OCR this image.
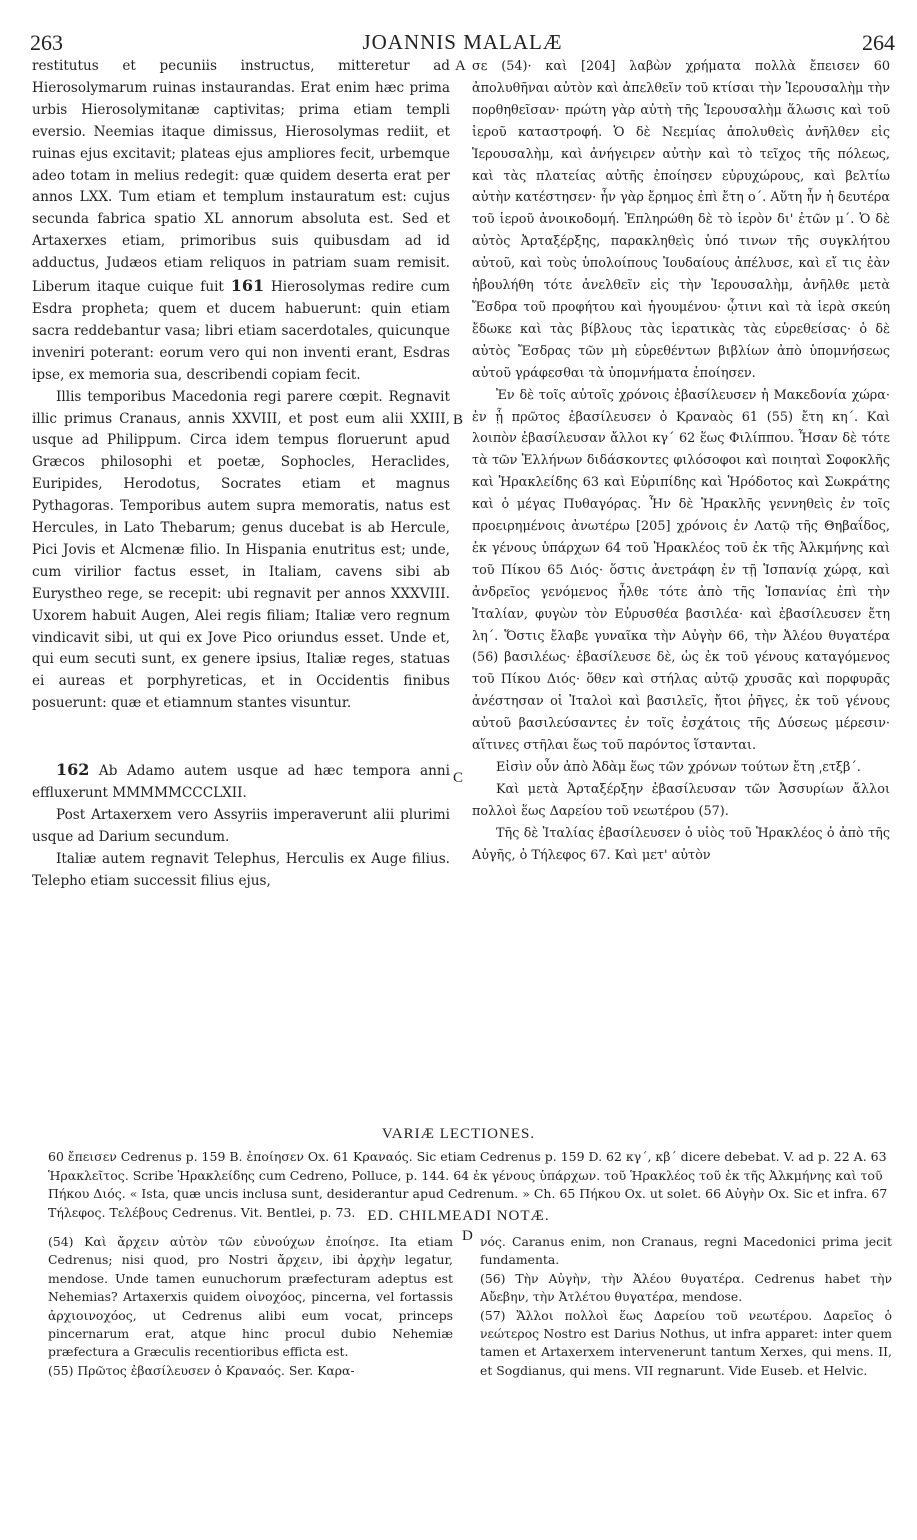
263	JOANNIS MALALÆ	264
A
B
C
D

restitutus et pecuniis instructus, mitteretur ad Hierosolymarum ruinas instaurandas. Erat enim hæc prima urbis Hierosolymitanæ captivitas; prima etiam templi eversio. Neemias itaque dimissus, Hierosolymas rediit, et ruinas ejus excitavit; plateas ejus ampliores fecit, urbemque adeo totam in melius redegit: quæ quidem deserta erat per annos LXX. Tum etiam et templum instauratum est: cujus secunda fabrica spatio XL annorum absoluta est. Sed et Artaxerxes etiam, primoribus suis quibusdam ad id adductus, Judæos etiam reliquos in patriam suam remisit. Liberum itaque cuique fuit 161 Hierosolymas redire cum Esdra propheta; quem et ducem habuerunt: quin etiam sacra reddebantur vasa; libri etiam sacerdotales, quicunque inveniri poterant: eorum vero qui non inventi erant, Esdras ipse, ex memoria sua, describendi copiam fecit.

Illis temporibus Macedonia regi parere cœpit. Regnavit illic primus Cranaus, annis XXVIII, et post eum alii XXIII, usque ad Philippum. Circa idem tempus floruerunt apud Græcos philosophi et poetæ, Sophocles, Heraclides, Euripides, Herodotus, Socrates etiam et magnus Pythagoras. Temporibus autem supra memoratis, natus est Hercules, in Lato Thebarum; genus ducebat is ab Hercule, Pici Jovis et Alcmenæ filio. In Hispania enutritus est; unde, cum virilior factus esset, in Italiam, cavens sibi ab Eurystheo rege, se recepit: ubi regnavit per annos XXXVIII. Uxorem habuit Augen, Alei regis filiam; Italiæ vero regnum vindicavit sibi, ut qui ex Jove Pico oriundus esset. Unde et, qui eum secuti sunt, ex genere ipsius, Italiæ reges, statuas ei aureas et porphyreticas, et in Occidentis finibus posuerunt: quæ et etiamnum stantes visuntur.

162 Ab Adamo autem usque ad hæc tempora anni effluxerunt MMMMMCCCLXII.

Post Artaxerxem vero Assyriis imperaverunt alii plurimi usque ad Darium secundum.

Italiæ autem regnavit Telephus, Herculis ex Auge filius. Telepho etiam successit filius ejus,

σε (54)· καὶ [204] λαβὼν χρήματα πολλὰ ἔπεισεν 60 ἀπολυθῆναι αὐτὸν καὶ ἀπελθεῖν τοῦ κτίσαι τὴν Ἱερουσαλὴμ τὴν πορθηθεῖσαν· πρώτη γὰρ αὐτὴ τῆς Ἱερουσαλὴμ ἅλωσις καὶ τοῦ ἱεροῦ καταστροφή. Ὁ δὲ Νεεμίας ἀπολυθεὶς ἀνῆλθεν εἰς Ἱερουσαλὴμ, καὶ ἀνήγειρεν αὐτὴν καὶ τὸ τεῖχος τῆς πόλεως, καὶ τὰς πλατείας αὐτῆς ἐποίησεν εὐρυχώρους, καὶ βελτίω αὐτὴν κατέστησεν· ἦν γὰρ ἔρημος ἐπὶ ἔτη ο΄. Αὕτη ἦν ἡ δευτέρα τοῦ ἱεροῦ ἀνοικοδομή. Ἐπληρώθη δὲ τὸ ἱερὸν δι' ἐτῶν μ΄. Ὁ δὲ αὐτὸς Ἀρταξέρξης, παρακληθεὶς ὑπό τινων τῆς συγκλήτου αὐτοῦ, καὶ τοὺς ὑπολοίπους Ἰουδαίους ἀπέλυσε, καὶ εἴ τις ἐὰν ἠβουλήθη τότε ἀνελθεῖν εἰς τὴν Ἱερουσαλὴμ, ἀνῆλθε μετὰ Ἔσδρα τοῦ προφήτου καὶ ἡγουμένου· ᾧτινι καὶ τὰ ἱερὰ σκεύη ἔδωκε καὶ τὰς βίβλους τὰς ἱερατικὰς τὰς εὑρεθείσας· ὁ δὲ αὐτὸς Ἔσδρας τῶν μὴ εὑρεθέντων βιβλίων ἀπὸ ὑπομνήσεως αὐτοῦ γράφεσθαι τὰ ὑπομνήματα ἐποίησεν.

Ἐν δὲ τοῖς αὐτοῖς χρόνοις ἐβασίλευσεν ἡ Μακεδονία χώρα· ἐν ᾗ πρῶτος ἐβασίλευσεν ὁ Κραναὸς 61 (55) ἔτη κη΄. Καὶ λοιπὸν ἐβασίλευσαν ἄλλοι κγ΄ 62 ἕως Φιλίππου. Ἦσαν δὲ τότε τὰ τῶν Ἑλλήνων διδάσκοντες φιλόσοφοι καὶ ποιηταὶ Σοφοκλῆς καὶ Ἡρακλείδης 63 καὶ Εὐριπίδης καὶ Ἡρόδοτος καὶ Σωκράτης καὶ ὁ μέγας Πυθαγόρας. Ἦν δὲ Ἡρακλῆς γεννηθεὶς ἐν τοῖς προειρημένοις ἀνωτέρω [205] χρόνοις ἐν Λατῷ τῆς Θηβαΐδος, ἐκ γένους ὑπάρχων 64 τοῦ Ἡρακλέος τοῦ ἐκ τῆς Ἀλκμήνης καὶ τοῦ Πίκου 65 Διός· ὅστις ἀνετράφη ἐν τῇ Ἱσπανίᾳ χώρᾳ, καὶ ἀνδρεῖος γενόμενος ἦλθε τότε ἀπὸ τῆς Ἱσπανίας ἐπὶ τὴν Ἰταλίαν, φυγὼν τὸν Εὐρυσθέα βασιλέα· καὶ ἐβασίλευσεν ἔτη λη΄. Ὅστις ἔλαβε γυναῖκα τὴν Αὐγὴν 66, τὴν Ἀλέου θυγατέρα (56) βασιλέως· ἐβασίλευσε δὲ, ὡς ἐκ τοῦ γένους καταγόμενος τοῦ Πίκου Διός· ὅθεν καὶ στήλας αὐτῷ χρυσᾶς καὶ πορφυρᾶς ἀνέστησαν οἱ Ἰταλοὶ καὶ βασιλεῖς, ἤτοι ῥῆγες, ἐκ τοῦ γένους αὐτοῦ βασιλεύσαντες ἐν τοῖς ἐσχάτοις τῆς Δύσεως μέρεσιν· αἵτινες στῆλαι ἕως τοῦ παρόντος ἵστανται.

Εἰσὶν οὖν ἀπὸ Ἀδὰμ ἕως τῶν χρόνων τούτων ἔτη ͵ετξβ΄.

Καὶ μετὰ Ἀρταξέρξην ἐβασίλευσαν τῶν Ἀσσυρίων ἄλλοι πολλοὶ ἕως Δαρείου τοῦ νεωτέρου (57).

Τῆς δὲ Ἰταλίας ἐβασίλευσεν ὁ υἱὸς τοῦ Ἡρακλέος ὁ ἀπὸ τῆς Αὐγῆς, ὁ Τήλεφος 67. Καὶ μετ' αὐτὸν

VARIÆ LECTIONES.

60 ἔπεισεν Cedrenus p. 159 B. ἐποίησεν Ox. 61 Κραναός. Sic etiam Cedrenus p. 159 D. 62 κγ΄, κβ΄ dicere debebat. V. ad p. 22 A. 63 Ἡρακλεῖτος. Scribe Ἡρακλείδης cum Cedreno, Polluce, p. 144. 64 ἐκ γένους ὑπάρχων. τοῦ Ἡρακλέος τοῦ ἐκ τῆς Ἀλκμήνης καὶ τοῦ Πήκου Διός. « Ista, quæ uncis inclusa sunt, desiderantur apud Cedrenum. » Ch. 65 Πήκου Ox. ut solet. 66 Αὐγὴν Ox. Sic et infra. 67 Τήλεφος. Τελέβους Cedrenus. Vit. Bentlei, p. 73. ED. CHILMEADI NOTÆ.

(54) Καὶ ἄρχειν αὐτὸν τῶν εὐνούχων ἐποίησε. Ita etiam Cedrenus; nisi quod, pro Nostri ἄρχειν, ibi ἀρχὴν legatur, mendose. Unde tamen eunuchorum præfecturam adeptus est Nehemias? Artaxerxis quidem οἰνοχόος, pincerna, vel fortassis ἀρχιοινοχόος, ut Cedrenus alibi eum vocat, princeps pincernarum erat, atque hinc procul dubio Nehemiæ præfectura a Græculis recentioribus efficta est.

(55) Πρῶτος ἐβασίλευσεν ὁ Κραναός. Ser. Καρα-

νός. Caranus enim, non Cranaus, regni Macedonici prima jecit fundamenta.

(56) Τὴν Αὐγὴν, τὴν Ἀλέου θυγατέρα. Cedrenus habet τὴν Αὔεβην, τὴν Ἀτλέτου θυγατέρα, mendose.

(57) Ἄλλοι πολλοὶ ἕως Δαρείου τοῦ νεωτέρου. Δαρεῖος ὁ νεώτερος Nostro est Darius Nothus, ut infra apparet: inter quem tamen et Artaxerxem intervenerunt tantum Xerxes, qui mens. II, et Sogdianus, qui mens. VII regnarunt. Vide Euseb. et Helvic.
